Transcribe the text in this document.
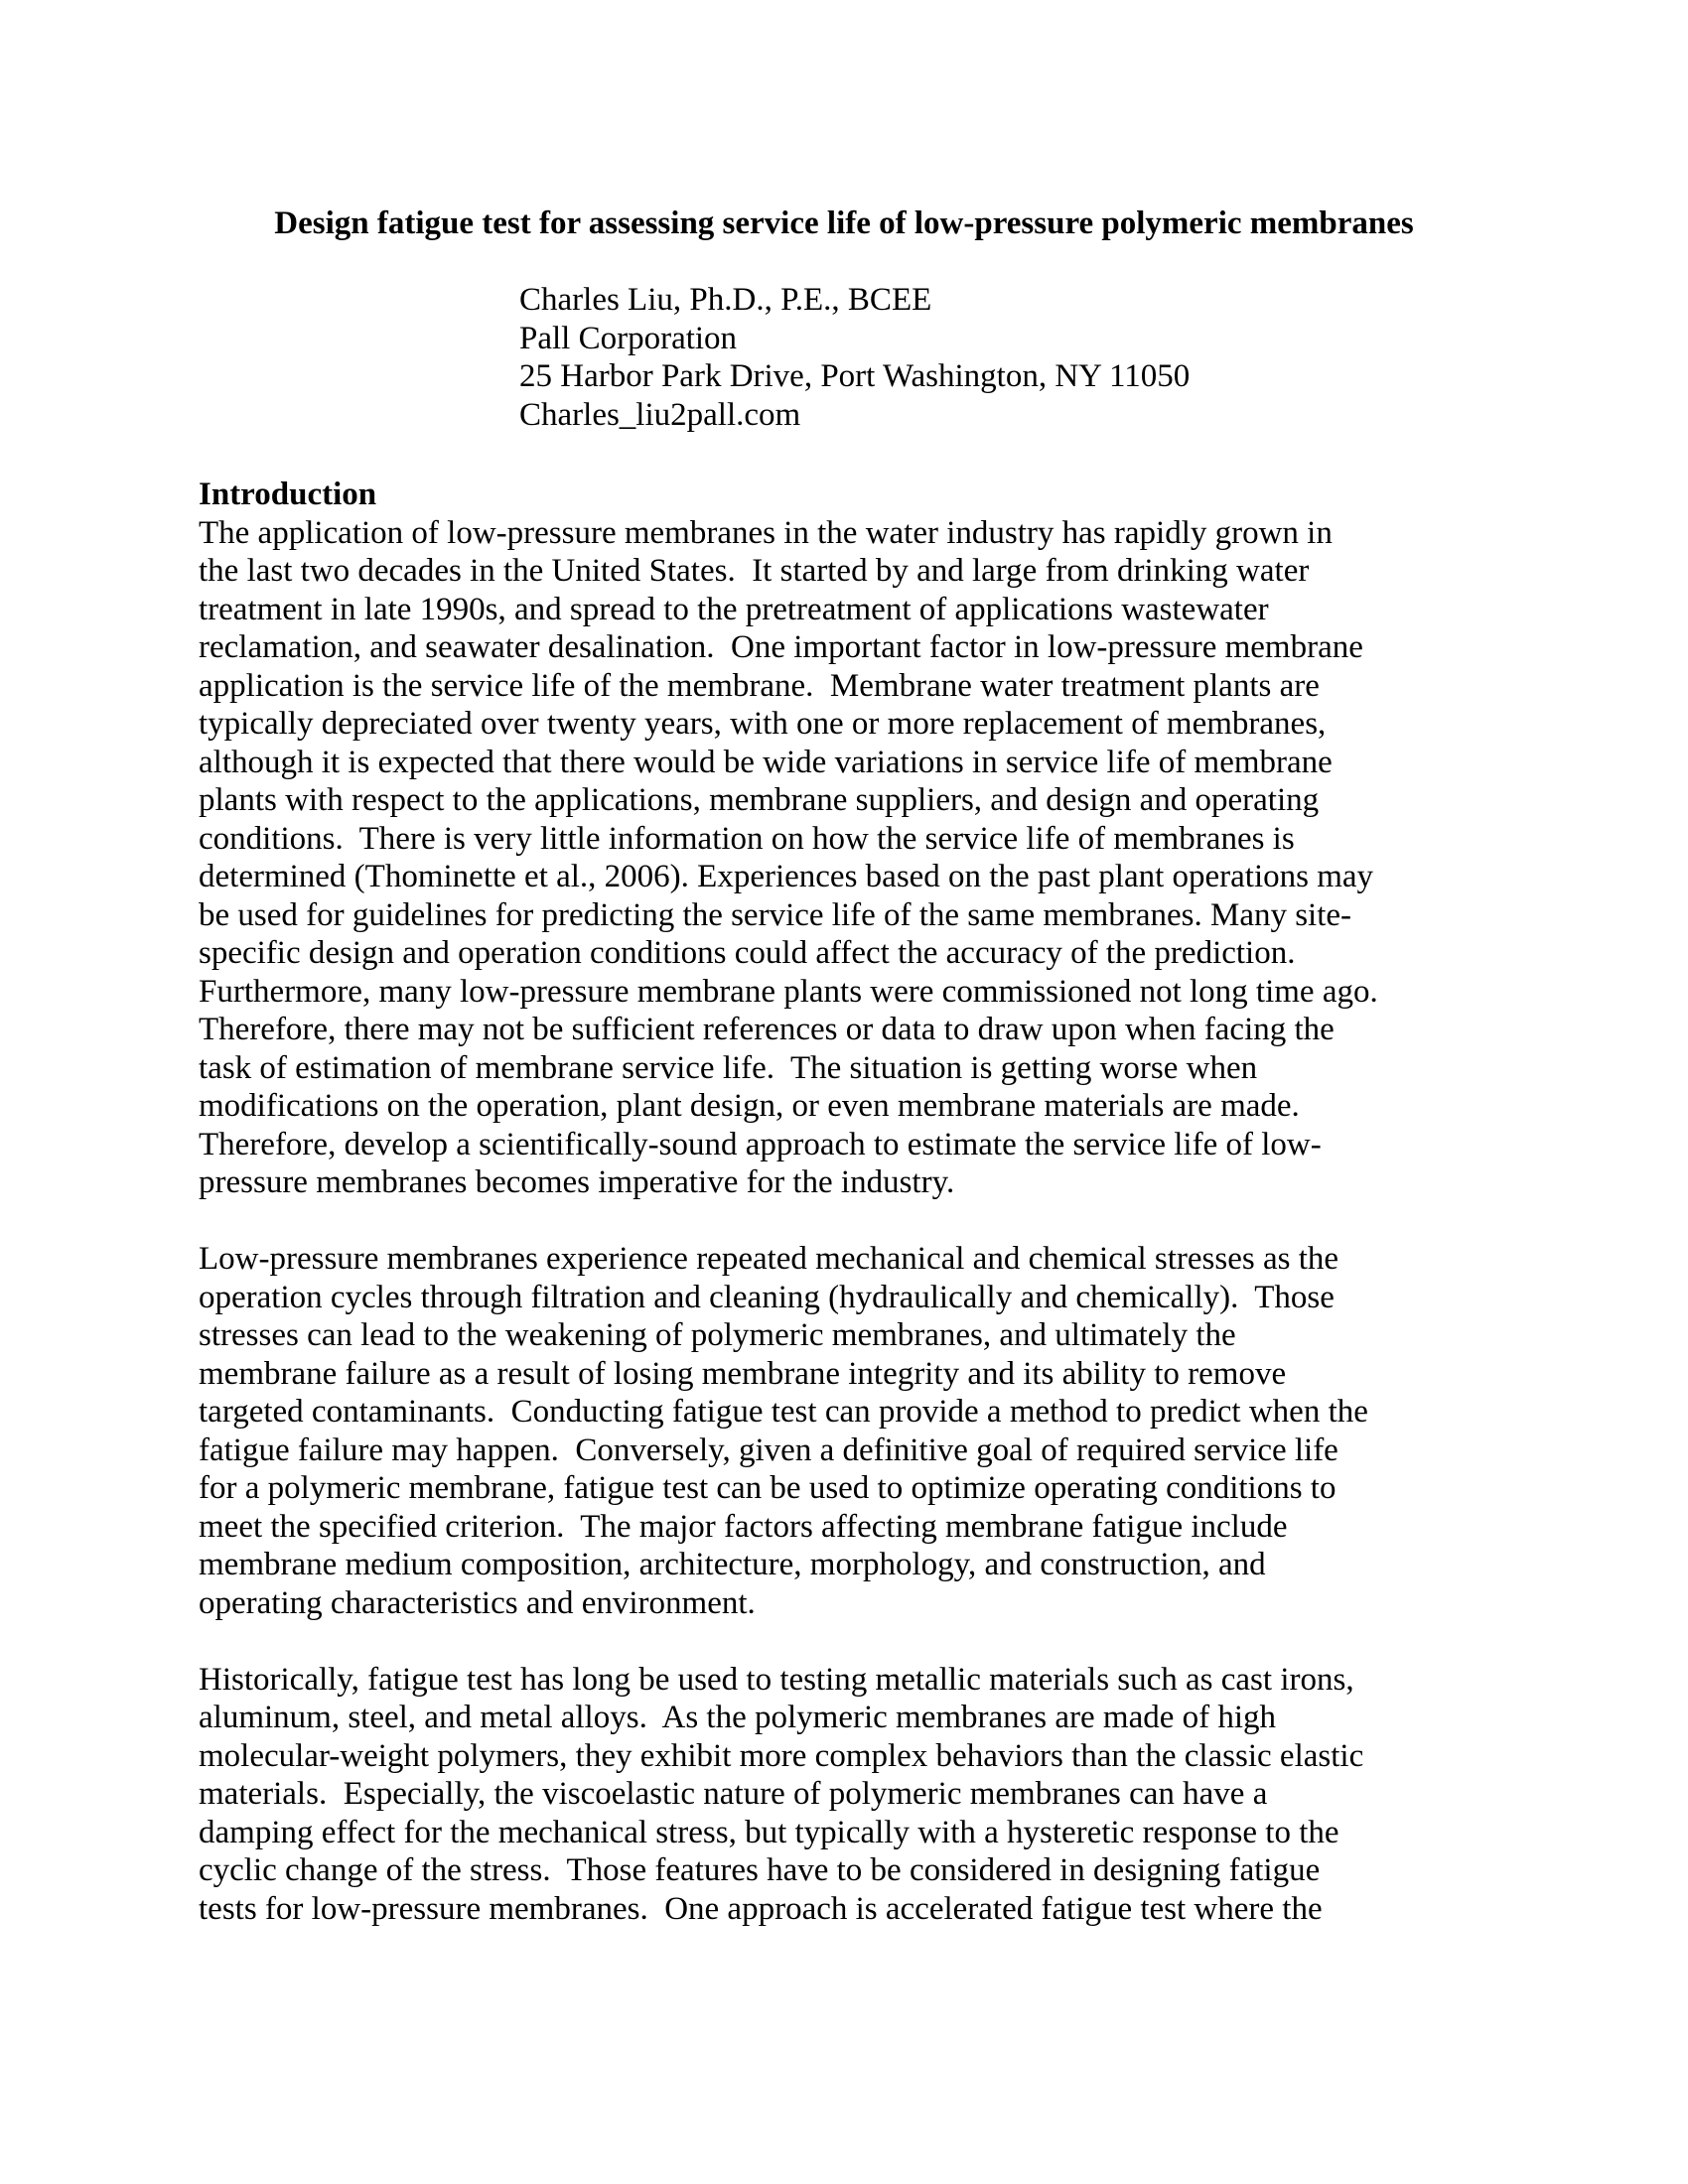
Design fatigue test for assessing service life of low-pressure polymeric membranes
Charles Liu, Ph.D., P.E., BCEE
Pall Corporation
25 Harbor Park Drive, Port Washington, NY 11050
Charles_liu2pall.com
Introduction
The application of low-pressure membranes in the water industry has rapidly grown in
the last two decades in the United States.  It started by and large from drinking water
treatment in late 1990s, and spread to the pretreatment of applications wastewater
reclamation, and seawater desalination.  One important factor in low-pressure membrane
application is the service life of the membrane.  Membrane water treatment plants are
typically depreciated over twenty years, with one or more replacement of membranes,
although it is expected that there would be wide variations in service life of membrane
plants with respect to the applications, membrane suppliers, and design and operating
conditions.  There is very little information on how the service life of membranes is
determined (Thominette et al., 2006). Experiences based on the past plant operations may
be used for guidelines for predicting the service life of the same membranes. Many site-
specific design and operation conditions could affect the accuracy of the prediction.
Furthermore, many low-pressure membrane plants were commissioned not long time ago.
Therefore, there may not be sufficient references or data to draw upon when facing the
task of estimation of membrane service life.  The situation is getting worse when
modifications on the operation, plant design, or even membrane materials are made.
Therefore, develop a scientifically-sound approach to estimate the service life of low-
pressure membranes becomes imperative for the industry.
Low-pressure membranes experience repeated mechanical and chemical stresses as the
operation cycles through filtration and cleaning (hydraulically and chemically).  Those
stresses can lead to the weakening of polymeric membranes, and ultimately the
membrane failure as a result of losing membrane integrity and its ability to remove
targeted contaminants.  Conducting fatigue test can provide a method to predict when the
fatigue failure may happen.  Conversely, given a definitive goal of required service life
for a polymeric membrane, fatigue test can be used to optimize operating conditions to
meet the specified criterion.  The major factors affecting membrane fatigue include
membrane medium composition, architecture, morphology, and construction, and
operating characteristics and environment.
Historically, fatigue test has long be used to testing metallic materials such as cast irons,
aluminum, steel, and metal alloys.  As the polymeric membranes are made of high
molecular-weight polymers, they exhibit more complex behaviors than the classic elastic
materials.  Especially, the viscoelastic nature of polymeric membranes can have a
damping effect for the mechanical stress, but typically with a hysteretic response to the
cyclic change of the stress.  Those features have to be considered in designing fatigue
tests for low-pressure membranes.  One approach is accelerated fatigue test where the
